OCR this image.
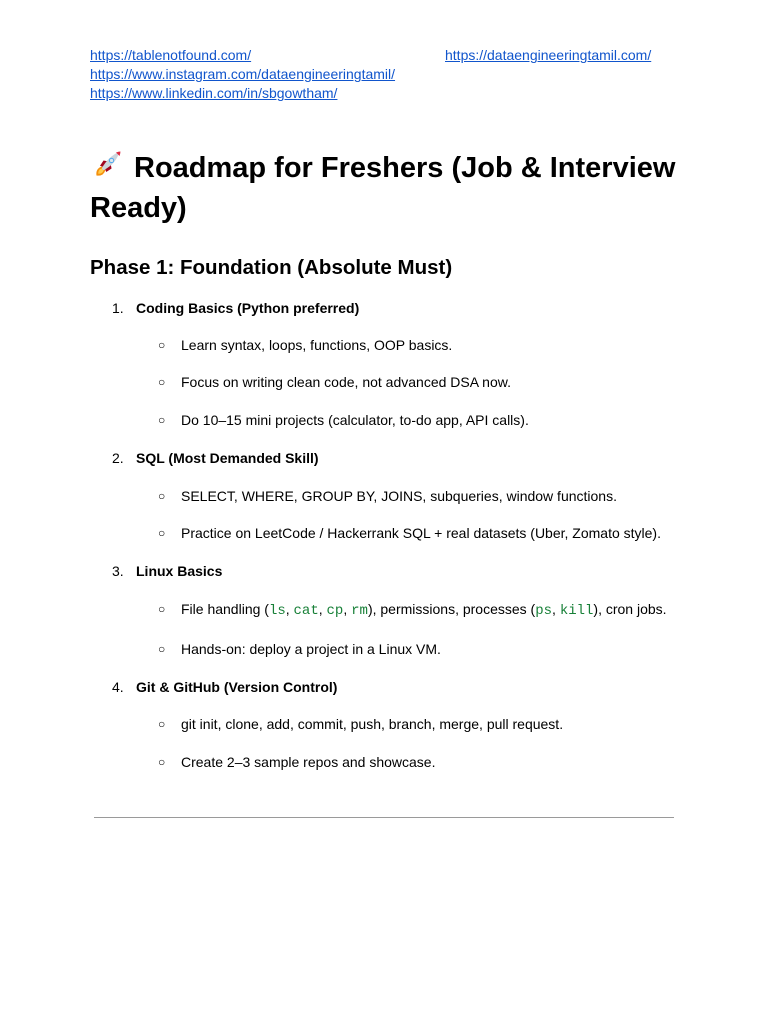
https://tablenotfound.com/	https://dataengineeringtamil.com/
https://www.instagram.com/dataengineeringtamil/
https://www.linkedin.com/in/sbgowtham/
Roadmap for Freshers (Job & Interview Ready)
Phase 1: Foundation (Absolute Must)
1. Coding Basics (Python preferred)
○ Learn syntax, loops, functions, OOP basics.
○ Focus on writing clean code, not advanced DSA now.
○ Do 10–15 mini projects (calculator, to-do app, API calls).
2. SQL (Most Demanded Skill)
○ SELECT, WHERE, GROUP BY, JOINS, subqueries, window functions.
○ Practice on LeetCode / Hackerrank SQL + real datasets (Uber, Zomato style).
3. Linux Basics
○ File handling (ls, cat, cp, rm), permissions, processes (ps, kill), cron jobs.
○ Hands-on: deploy a project in a Linux VM.
4. Git & GitHub (Version Control)
○ git init, clone, add, commit, push, branch, merge, pull request.
○ Create 2–3 sample repos and showcase.
